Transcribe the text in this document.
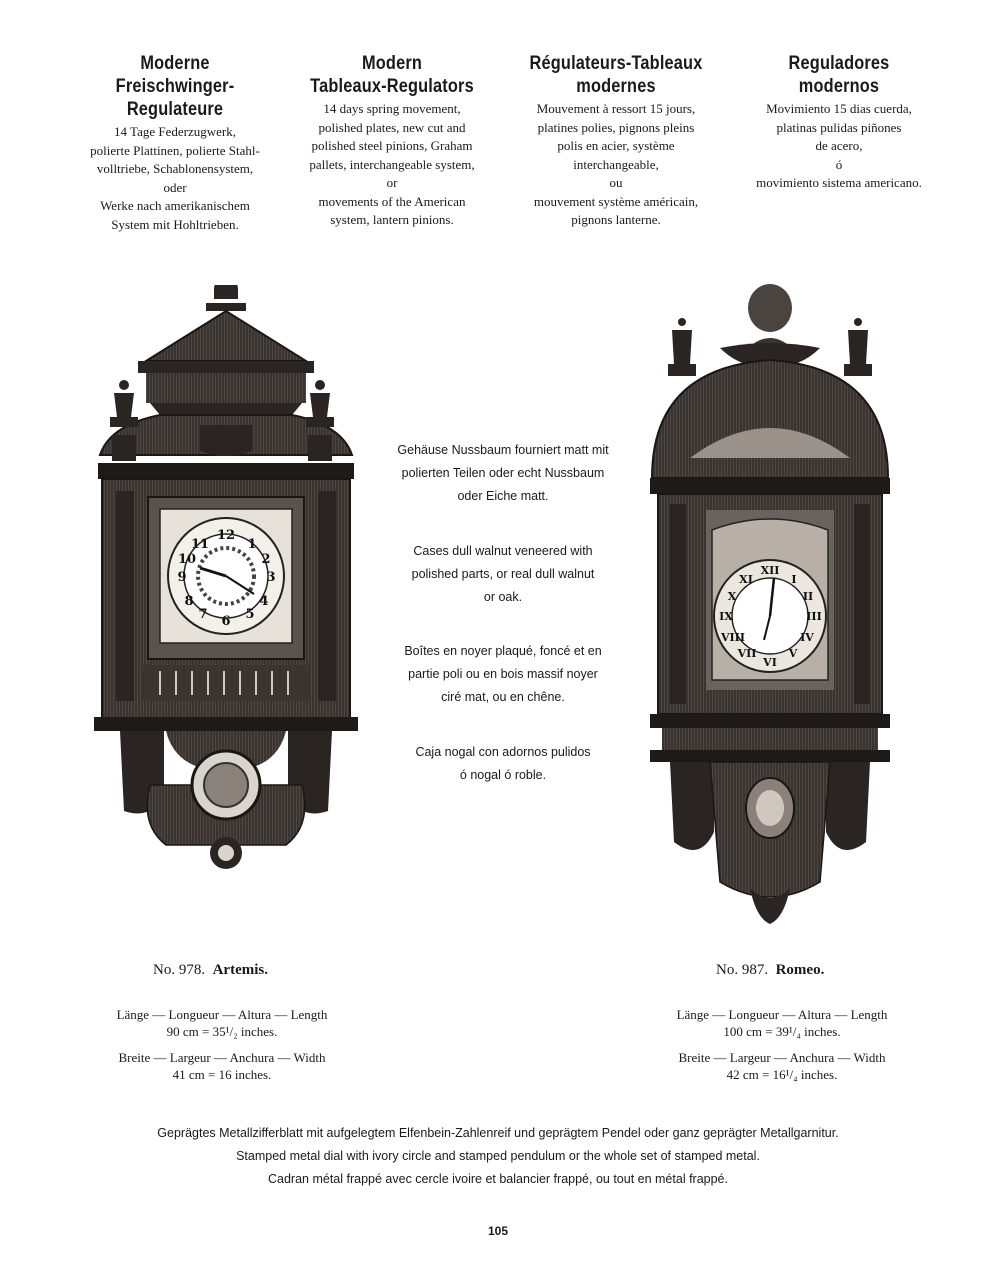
Moderne
Freischwinger-Regulateure
14 Tage Federzugwerk,
polierte Plattinen, polierte Stahl-
volltriebe, Schablonensystem,
oder
Werke nach amerikanischem
System mit Hohltrieben.
Modern
Tableaux-Regulators
14 days spring movement,
polished plates, new cut and
polished steel pinions, Graham
pallets, interchangeable system,
or
movements of the American
system, lantern pinions.
Régulateurs-Tableaux
modernes
Mouvement à ressort 15 jours,
platines polies, pignons pleins
polis en acier, système
interchangeable,
ou
mouvement système américain,
pignons lanterne.
Reguladores
modernos
Movimiento 15 dias cuerda,
platinas pulidas piñones
de acero,
ó
movimiento sistema americano.
12
6
9	3
11	1
10	2
8	4
7	5
XII
VI
IX	III
XI	I
X	II
VIII	IV
VII	V
Gehäuse Nussbaum fourniert matt mit
polierten Teilen oder echt Nussbaum
oder Eiche matt.
Cases dull walnut veneered with
polished parts, or real dull walnut
or oak.
Boîtes en noyer plaqué, foncé et en
partie poli ou en bois massif noyer
ciré mat, ou en chêne.
Caja nogal con adornos pulidos
ó nogal ó roble.
No. 978. Artemis.
Länge — Longueur — Altura — Length
90 cm = 35¹/₂ inches.
Breite — Largeur — Anchura — Width
41 cm = 16 inches.
No. 987. Romeo.
Länge — Longueur — Altura — Length
100 cm = 39¹/₄ inches.
Breite — Largeur — Anchura — Width
42 cm = 16¹/₄ inches.
Geprägtes Metallzifferblatt mit aufgelegtem Elfenbein-Zahlenreif und geprägtem Pendel oder ganz geprägter Metallgarnitur.
Stamped metal dial with ivory circle and stamped pendulum or the whole set of stamped metal.
Cadran métal frappé avec cercle ivoire et balancier frappé, ou tout en métal frappé.
105
